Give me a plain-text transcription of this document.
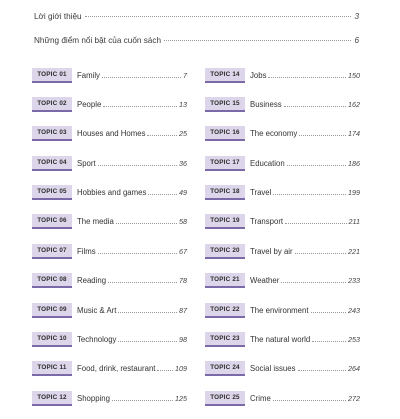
Lời giới thiệu	3
Những điểm nổi bật của cuốn sách	6
TOPIC 01	Family	7
TOPIC 02	People	13
TOPIC 03	Houses and Homes	25
TOPIC 04	Sport	36
TOPIC 05	Hobbies and games	49
TOPIC 06	The media	58
TOPIC 07	Films	67
TOPIC 08	Reading	78
TOPIC 09	Music & Art	87
TOPIC 10	Technology	98
TOPIC 11	Food, drink, restaurant	109
TOPIC 12	Shopping	125
TOPIC 14	Jobs	150
TOPIC 15	Business	162
TOPIC 16	The economy	174
TOPIC 17	Education	186
TOPIC 18	Travel	199
TOPIC 19	Transport	211
TOPIC 20	Travel by air	221
TOPIC 21	Weather	233
TOPIC 22	The environment	243
TOPIC 23	The natural world	253
TOPIC 24	Social issues	264
TOPIC 25	Crime	272
